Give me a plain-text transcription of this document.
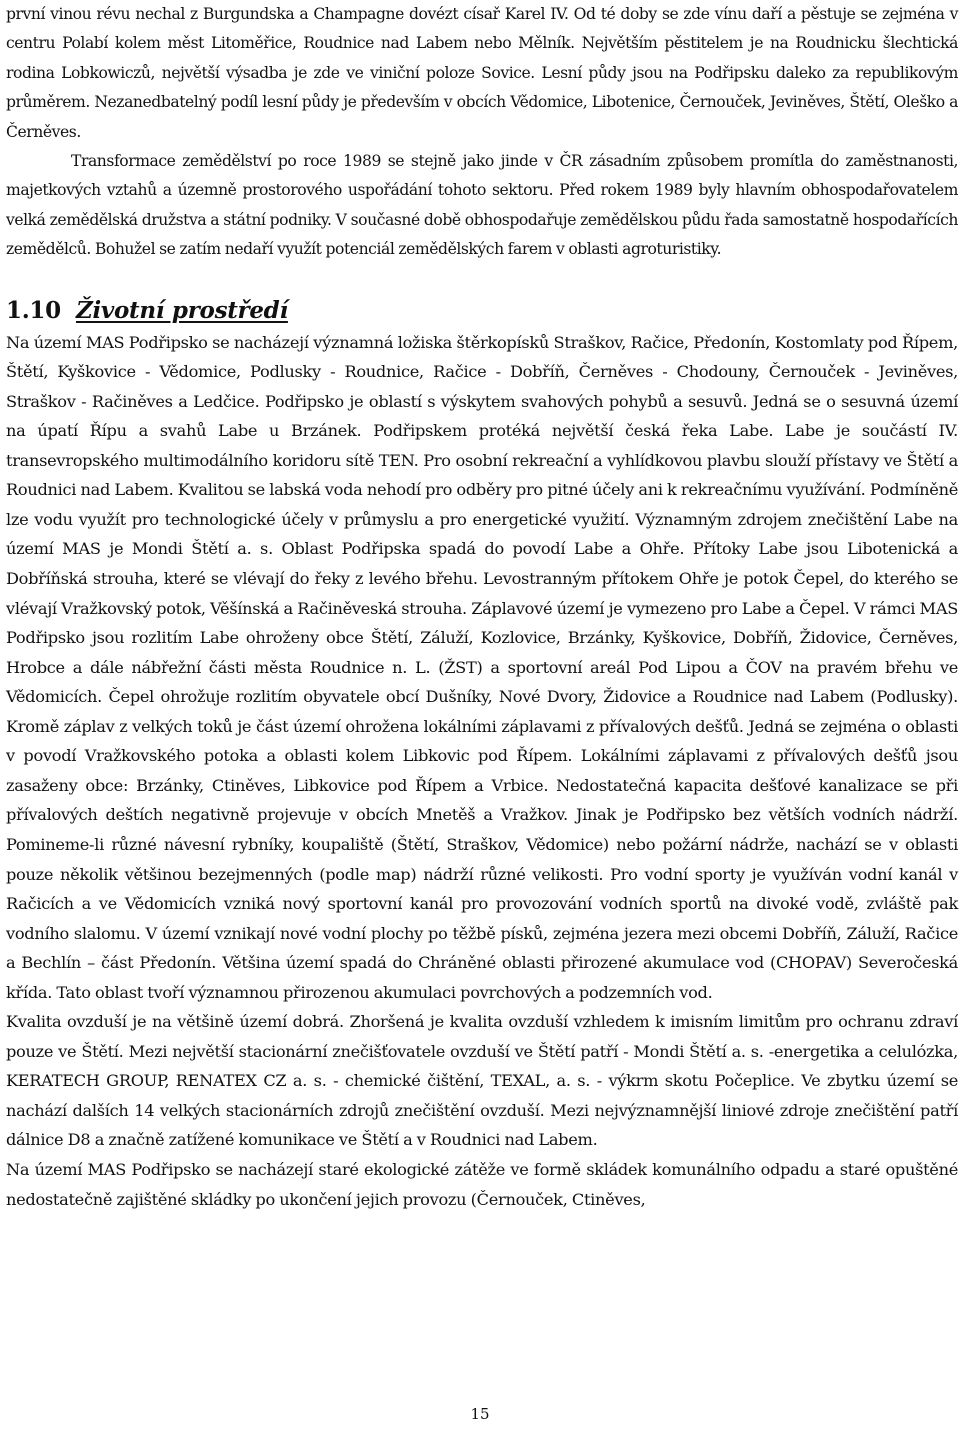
první vinou révu nechal z Burgundska a Champagne dovézt císař Karel IV. Od té doby se zde vínu daří a pěstuje se zejména v centru Polabí kolem měst Litoměřice, Roudnice nad Labem nebo Mělník. Největším pěstitelem je na Roudnicku šlechtická rodina Lobkowiczů, největší výsadba je zde ve viniční poloze Sovice. Lesní půdy jsou na Podřipsku daleko za republikovým průměrem. Nezanedbatelný podíl lesní půdy je především v obcích Vědomice, Libotenice, Černouček, Jeviněves, Štětí, Oleško a Černěves.

Transformace zemědělství po roce 1989 se stejně jako jinde v ČR zásadním způsobem promítla do zaměstnanosti, majetkových vztahů a územně prostorového uspořádání tohoto sektoru. Před rokem 1989 byly hlavním obhospodařovatelem velká zemědělská družstva a státní podniky. V současné době obhospodařuje zemědělskou půdu řada samostatně hospodařících zemědělců. Bohužel se zatím nedaří využít potenciál zemědělských farem v oblasti agroturistiky.

1.10 Životní prostředí

Na území MAS Podřipsko se nacházejí významná ložiska štěrkopísků Straškov, Račice, Předonín, Kostomlaty pod Řípem, Štětí, Kyškovice - Vědomice, Podlusky - Roudnice, Račice - Dobříň, Černěves - Chodouny, Černouček - Jeviněves, Straškov - Račiněves a Ledčice. Podřipsko je oblastí s výskytem svahových pohybů a sesuvů. Jedná se o sesuvná území na úpatí Řípu a svahů Labe u Brzánek. Podřipskem protéká největší česká řeka Labe. Labe je součástí IV. transevropského multimodálního koridoru sítě TEN. Pro osobní rekreační a vyhlídkovou plavbu slouží přístavy ve Štětí a Roudnici nad Labem. Kvalitou se labská voda nehodí pro odběry pro pitné účely ani k rekreačnímu využívání. Podmíněně lze vodu využít pro technologické účely v průmyslu a pro energetické využití. Významným zdrojem znečištění Labe na území MAS je Mondi Štětí a. s. Oblast Podřipska spadá do povodí Labe a Ohře. Přítoky Labe jsou Libotenická a Dobříňská strouha, které se vlévají do řeky z levého břehu. Levostranným přítokem Ohře je potok Čepel, do kterého se vlévají Vražkovský potok, Věšínská a Račiněveská strouha. Záplavové území je vymezeno pro Labe a Čepel. V rámci MAS Podřipsko jsou rozlitím Labe ohroženy obce Štětí, Záluží, Kozlovice, Brzánky, Kyškovice, Dobříň, Židovice, Černěves, Hrobce a dále nábřežní části města Roudnice n. L. (ŽST) a sportovní areál Pod Lipou a ČOV na pravém břehu ve Vědomicích. Čepel ohrožuje rozlitím obyvatele obcí Dušníky, Nové Dvory, Židovice a Roudnice nad Labem (Podlusky). Kromě záplav z velkých toků je část území ohrožena lokálními záplavami z přívalových dešťů. Jedná se zejména o oblasti v povodí Vražkovského potoka a oblasti kolem Libkovic pod Řípem. Lokálními záplavami z přívalových dešťů jsou zasaženy obce: Brzánky, Ctiněves, Libkovice pod Řípem a Vrbice. Nedostatečná kapacita dešťové kanalizace se při přívalových deštích negativně projevuje v obcích Mnetěš a Vražkov. Jinak je Podřipsko bez větších vodních nádrží. Pomineme-li různé návesní rybníky, koupaliště (Štětí, Straškov, Vědomice) nebo požární nádrže, nachází se v oblasti pouze několik většinou bezejmenných (podle map) nádrží různé velikosti. Pro vodní sporty je využíván vodní kanál v Račicích a ve Vědomicích vzniká nový sportovní kanál pro provozování vodních sportů na divoké vodě, zvláště pak vodního slalomu. V území vznikají nové vodní plochy po těžbě písků, zejména jezera mezi obcemi Dobříň, Záluží, Račice a Bechlín – část Předonín. Většina území spadá do Chráněné oblasti přirozené akumulace vod (CHOPAV) Severočeská křída. Tato oblast tvoří významnou přirozenou akumulaci povrchových a podzemních vod.

Kvalita ovzduší je na většině území dobrá. Zhoršená je kvalita ovzduší vzhledem k imisním limitům pro ochranu zdraví pouze ve Štětí. Mezi největší stacionární znečišťovatele ovzduší ve Štětí patří - Mondi Štětí a. s. -energetika a celulózka, KERATECH GROUP, RENATEX CZ a. s. - chemické čištění, TEXAL, a. s. - výkrm skotu Počeplice. Ve zbytku území se nachází dalších 14 velkých stacionárních zdrojů znečištění ovzduší. Mezi nejvýznamnější liniové zdroje znečištění patří dálnice D8 a značně zatížené komunikace ve Štětí a v Roudnici nad Labem.

Na území MAS Podřipsko se nacházejí staré ekologické zátěže ve formě skládek komunálního odpadu a staré opuštěné nedostatečně zajištěné skládky po ukončení jejich provozu (Černouček, Ctiněves,

15
